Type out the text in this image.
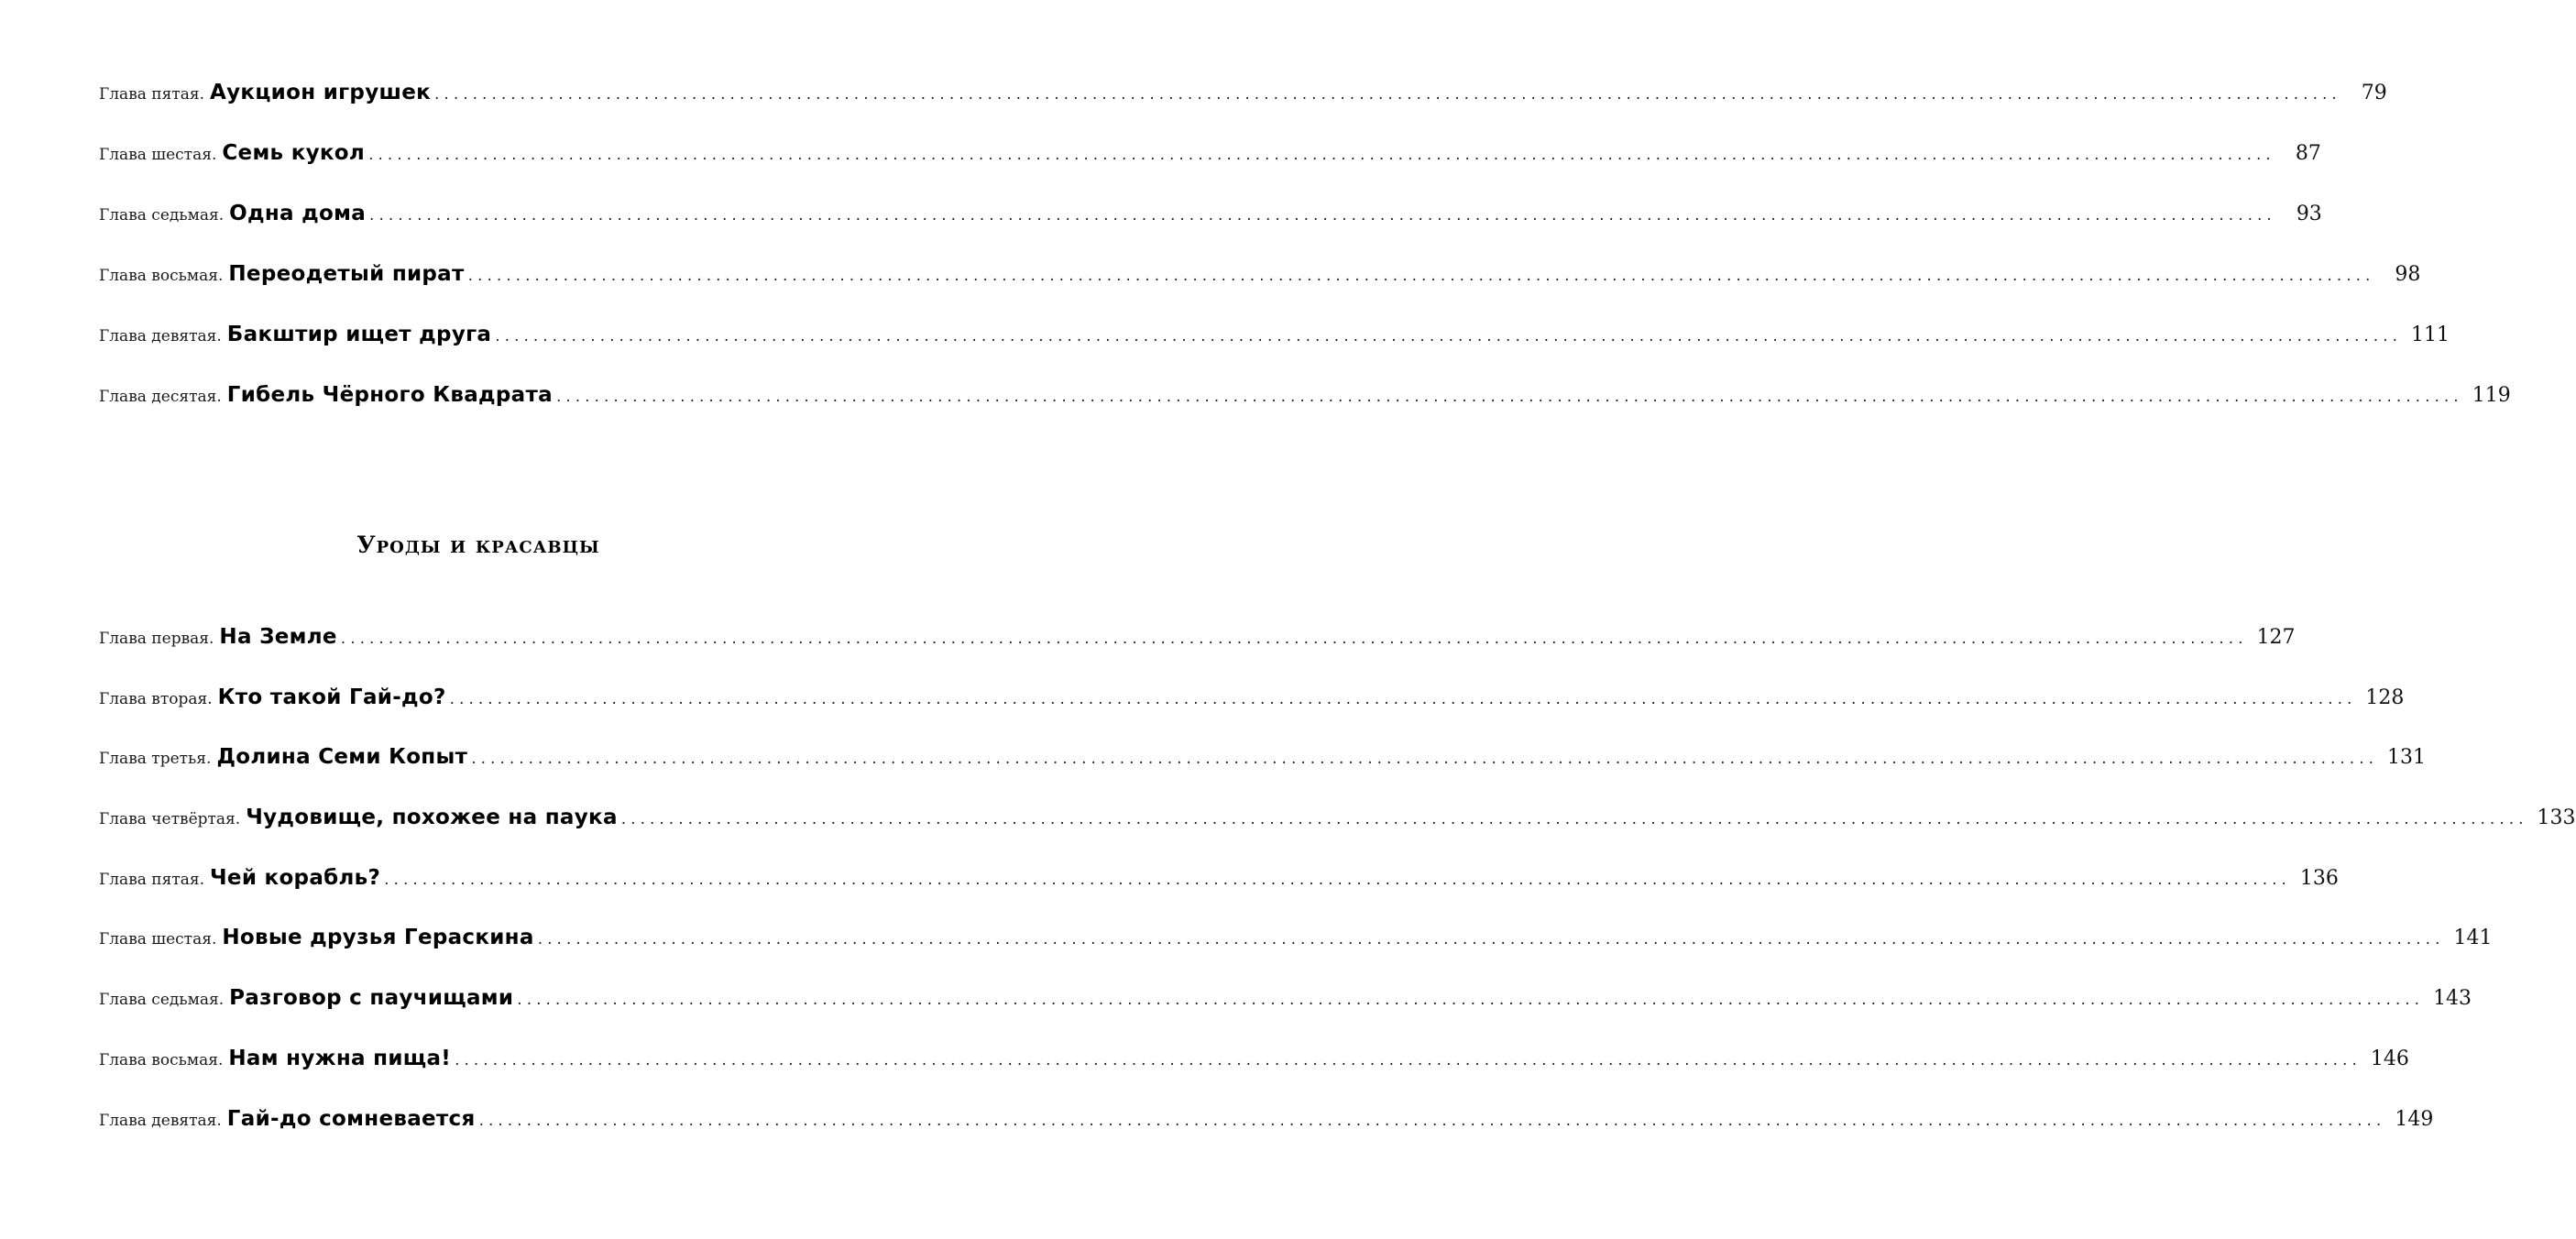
Глава пятая. Аукцион игрушек ........................................................................................................................................................................................................	79
Глава шестая. Семь кукол ........................................................................................................................................................................................................	87
Глава седьмая. Одна дома ........................................................................................................................................................................................................	93
Глава восьмая. Переодетый пират ........................................................................................................................................................................................................	98
Глава девятая. Бакштир ищет друга ........................................................................................................................................................................................................ 111
Глава десятая. Гибель Чёрного Квадрата ........................................................................................................................................................................................................ 119
Уроды и красавцы
Глава первая. На Земле ........................................................................................................................................................................................................ 127
Глава вторая. Кто такой Гай-до? ........................................................................................................................................................................................................ 128
Глава третья. Долина Семи Копыт ........................................................................................................................................................................................................ 131
Глава четвёртая. Чудовище, похожее на паука ........................................................................................................................................................................................................ 133
Глава пятая. Чей корабль? ........................................................................................................................................................................................................ 136
Глава шестая. Новые друзья Гераскина ........................................................................................................................................................................................................ 141
Глава седьмая. Разговор с паучищами ........................................................................................................................................................................................................ 143
Глава восьмая. Нам нужна пища! ........................................................................................................................................................................................................ 146
Глава девятая. Гай-до сомневается ........................................................................................................................................................................................................ 149
